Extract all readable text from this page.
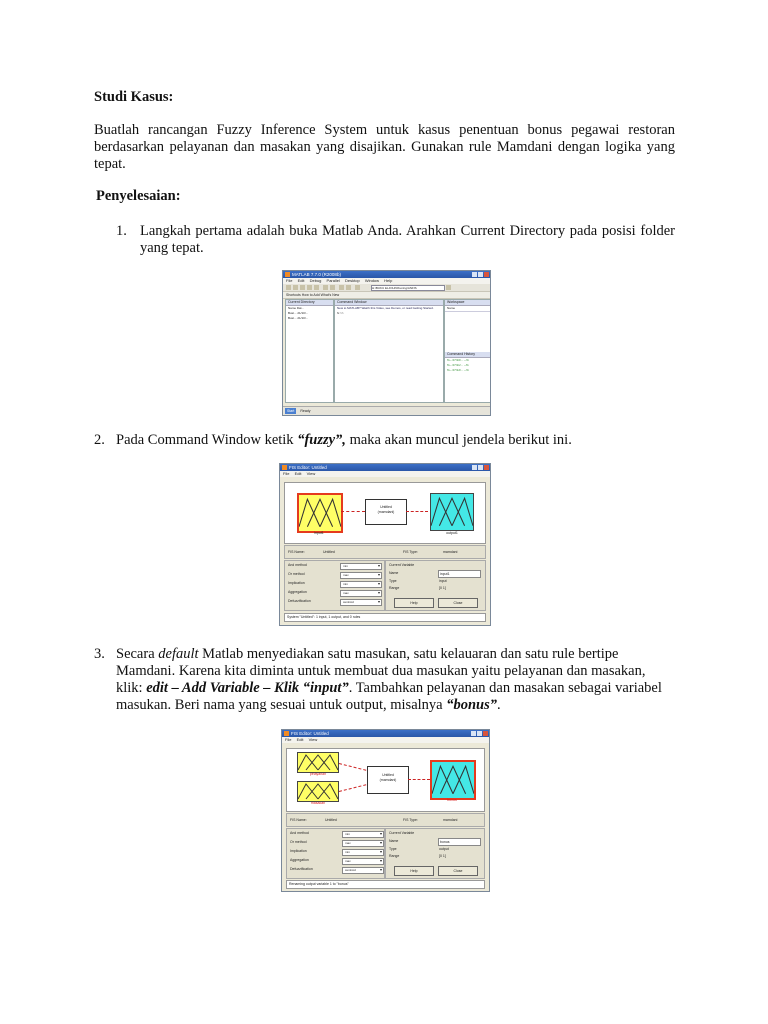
Studi Kasus:
Buatlah rancangan Fuzzy Inference System untuk kasus penentuan bonus pegawai restoran berdasarkan pelayanan dan masakan yang disajikan. Gunakan rule Mamdani dengan logika yang tepat.
Penyelesaian:
1. Langkah pertama adalah buka Matlab Anda. Arahkan Current Directory pada posisi folder yang tepat.
MATLAB 7.7.0 (R2008b)
File Edit Debug Parallel Desktop Window Help
H:\BUKU ELJOHN\Kuning\ANFIS
Shortcuts How to Add What's New
Current Directory
Name Dat...
Bust... 21/10/...
Bust... 21/10/...
Command Window
New to MATLAB? Watch this Video, see Demos, or read Getting Started.
fx >>
Workspace
Name
Command History
%-- 07/10/... --%
%-- 07/11/... --%
%-- 07/12/... --%
Start Ready
2. Pada Command Window ketik “fuzzy”, maka akan muncul jendela berikut ini.
FIS Editor: Untitled
File Edit View
input1
Untitled
(mamdani)
output1
FIS Name:	Untitled	FIS Type:	mamdani
And method	min ▾
Or method	max ▾
Implication	min ▾
Aggregation	max ▾
Defuzzification	centroid ▾
Current Variable
Name	input1
Type	input
Range	[0 1]
Help	Close
System "Untitled": 1 input, 1 output, and 0 rules
3. Secara default Matlab menyediakan satu masukan, satu kelauaran dan satu rule bertipe Mamdani. Karena kita diminta untuk membuat dua masukan yaitu pelayanan dan masakan, klik: edit – Add Variable – Klik “input”. Tambahkan pelayanan dan masakan sebagai variabel masukan. Beri nama yang sesuai untuk output, misalnya “bonus”.
FIS Editor: Untitled
File Edit View
pelayanan
masakan
Untitled
(mamdani)
bonus
FIS Name:	Untitled	FIS Type:	mamdani
And method	min ▾
Or method	max ▾
Implication	min ▾
Aggregation	max ▾
Defuzzification	centroid ▾
Current Variable
Name	bonus
Type	output
Range	[0 1]
Help	Close
Renaming output variable 1 to "bonus"
